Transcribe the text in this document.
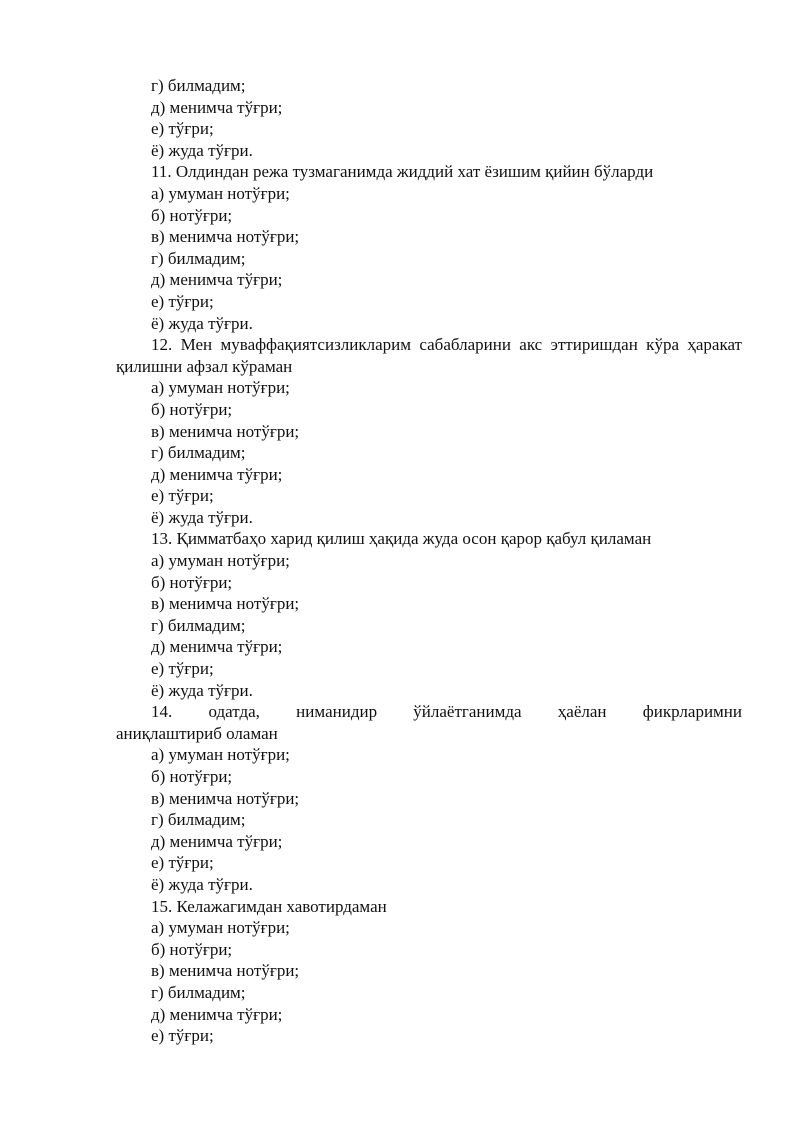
г) билмадим;

д) менимча тўғри;

е) тўғри;

ё) жуда тўғри.

11. Олдиндан режа тузмаганимда жиддий хат ёзишим қийин бўларди

а) умуман нотўғри;

б) нотўғри;

в) менимча нотўғри;

г) билмадим;

д) менимча тўғри;

е) тўғри;

ё) жуда тўғри.

12. Мен муваффақиятсизликларим сабабларини акс эттиришдан кўра ҳаракат қилишни афзал кўраман

а) умуман нотўғри;

б) нотўғри;

в) менимча нотўғри;

г) билмадим;

д) менимча тўғри;

е) тўғри;

ё) жуда тўғри.

13. Қимматбаҳо харид қилиш ҳақида жуда осон қарор қабул қиламан

а) умуман нотўғри;

б) нотўғри;

в) менимча нотўғри;

г) билмадим;

д) менимча тўғри;

е) тўғри;

ё) жуда тўғри.

14. одатда, нимaнидир ўйлаётганимда ҳаёлан фикрларимни
аниқлаштириб оламан

а) умуман нотўғри;

б) нотўғри;

в) менимча нотўғри;

г) билмадим;

д) менимча тўғри;

е) тўғри;

ё) жуда тўғри.

15. Келажагимдан хавотирдаман

а) умуман нотўғри;

б) нотўғри;

в) менимча нотўғри;

г) билмадим;

д) менимча тўғри;

е) тўғри;
